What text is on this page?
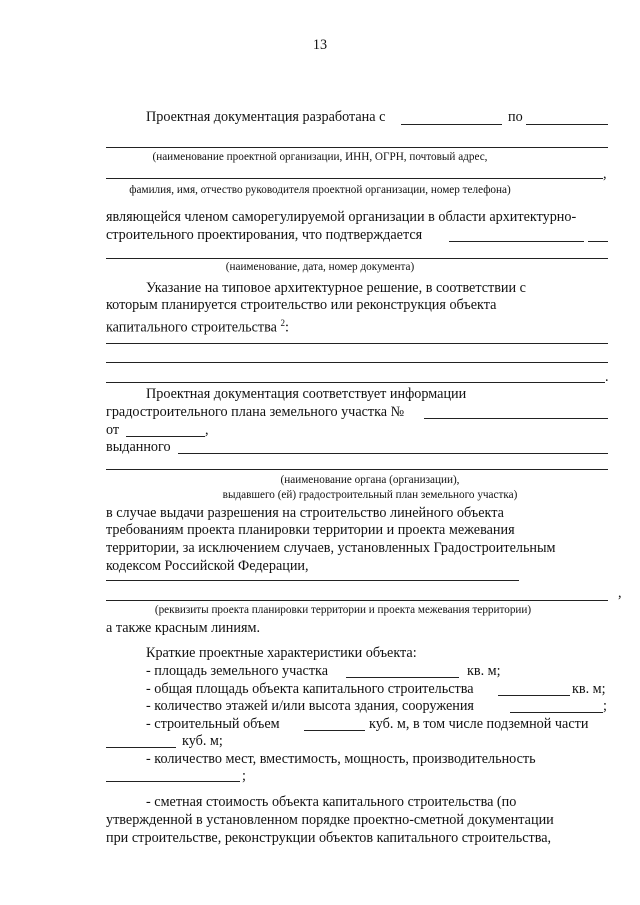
13
Проектная документация разработана с	по
(наименование проектной организации, ИНН, ОГРН, почтовый адрес,
,
фамилия, имя, отчество руководителя проектной организации, номер телефона)
являющейся членом саморегулируемой организации в области архитектурно-
строительного проектирования, что подтверждается
(наименование, дата, номер документа)
Указание на типовое архитектурное решение, в соответствии с
которым планируется строительство или реконструкция объекта
капитального строительства $^2$:
.
Проектная документация соответствует информации
градостроительного плана земельного участка №
от	,
выданного
(наименование органа (организации),
выдавшего (ей) градостроительный план земельного участка)
в случае выдачи разрешения на строительство линейного объекта
требованиям проекта планировки территории и проекта межевания
территории, за исключением случаев, установленных Градостроительным
кодексом Российской Федерации,
,
(реквизиты проекта планировки территории и проекта межевания территории)
а также красным линиям.
Краткие проектные характеристики объекта:
- площадь земельного участка	кв. м;
- общая площадь объекта капитального строительства	кв. м;
- количество этажей и/или высота здания, сооружения	;
- строительный объем	куб. м, в том числе подземной части
куб. м;
- количество мест, вместимость, мощность, производительность
;
- сметная стоимость объекта капитального строительства (по
утвержденной в установленном порядке проектно-сметной документации
при строительстве, реконструкции объектов капитального строительства,
